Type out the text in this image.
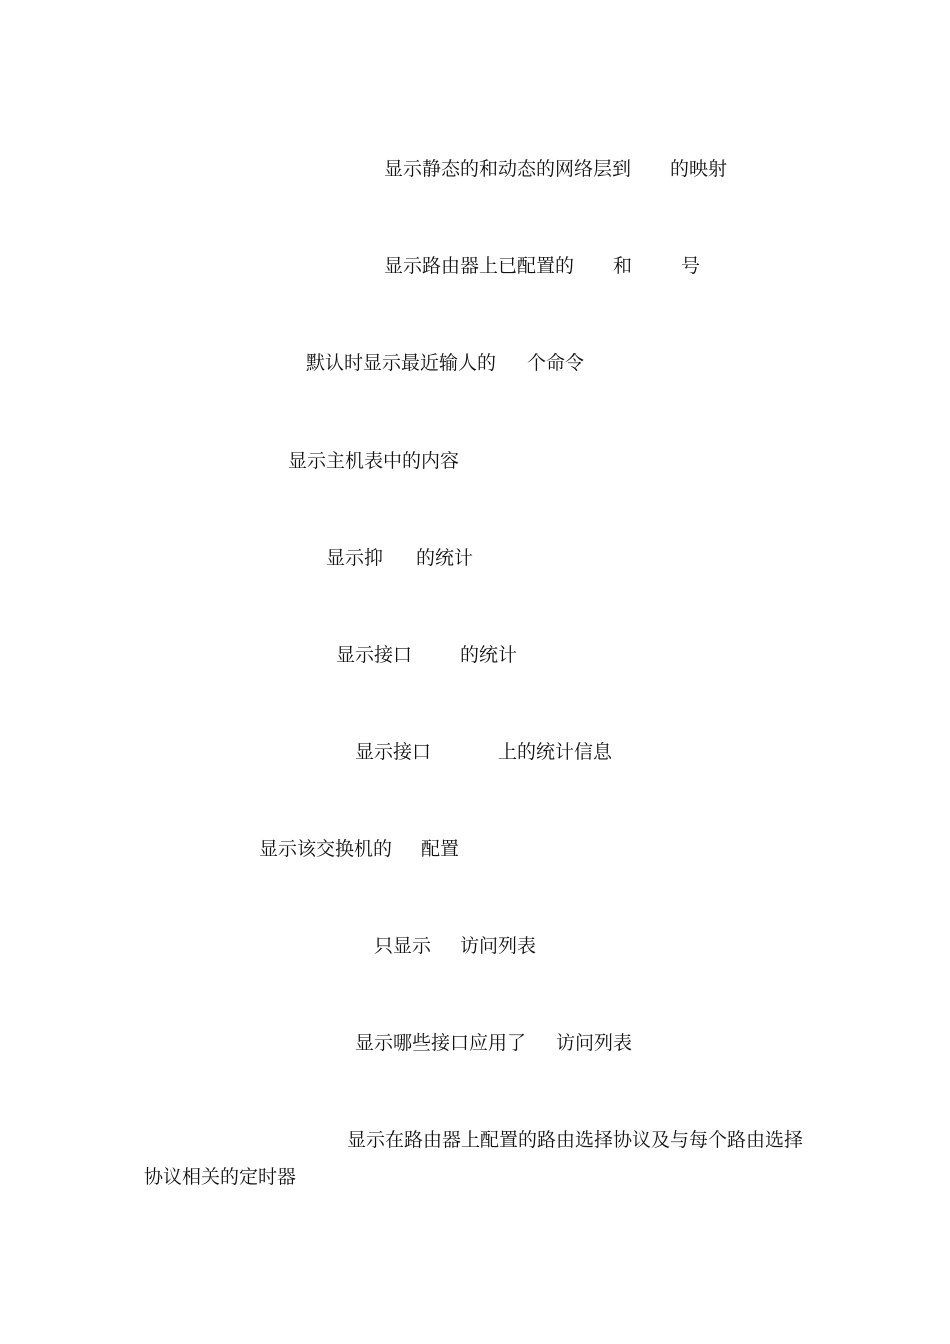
显示静态的和动态的网络层到 的映射
显示路由器上已配置的 和	号
默认时显示最近输人的 个命令
显示主机表中的内容
显示抑 的统计
显示接口	的统计
显示接口	上的统计信息
显示该交换机的 配置
只显示 访问列表
显示哪些接口应用了 访问列表
显示在路由器上配置的路由选择协议及与每个路由选择
协议相关的定时器
